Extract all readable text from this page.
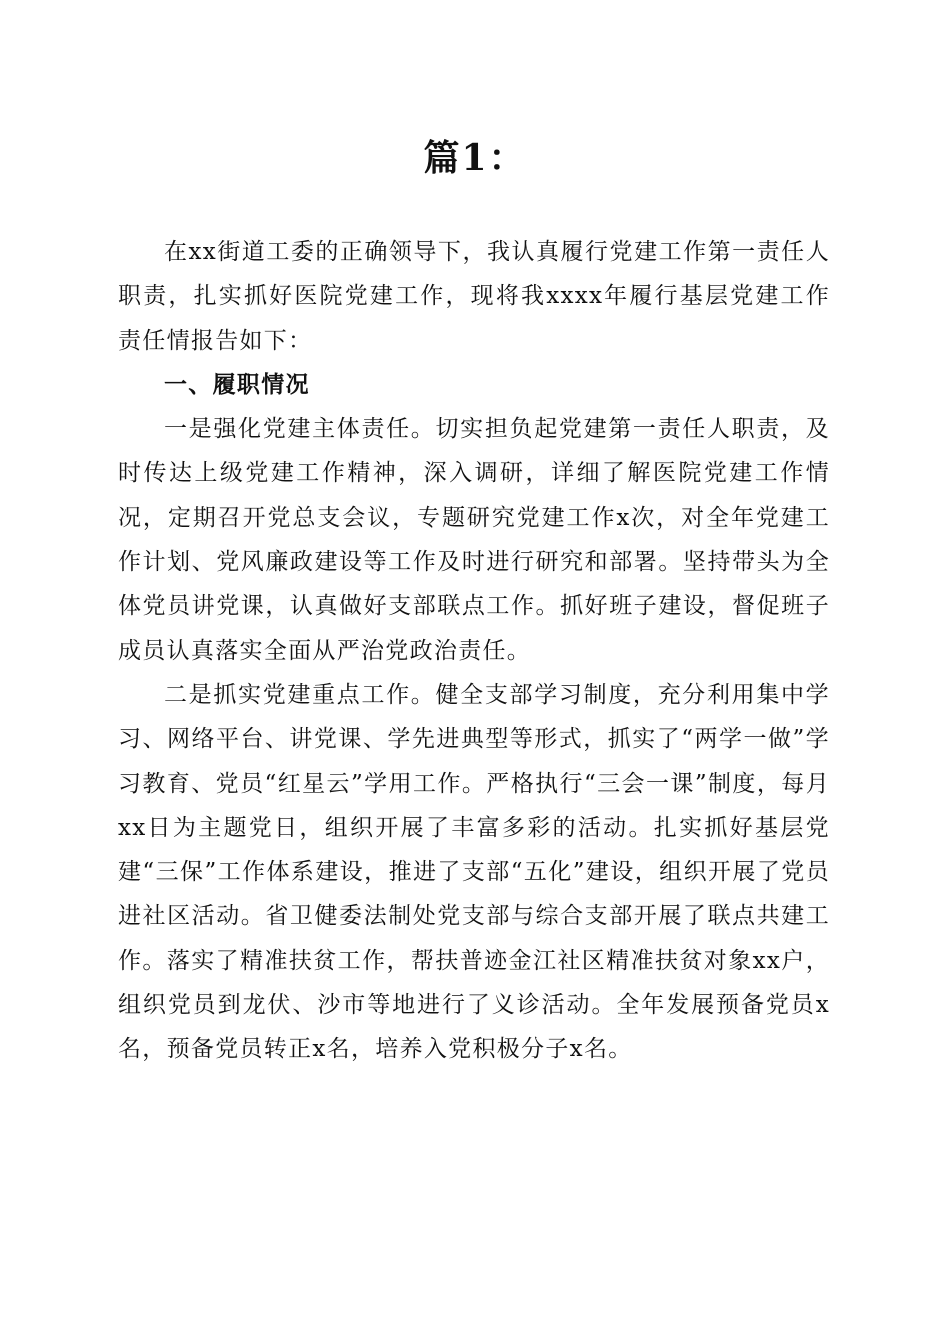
篇1：

在xx街道工委的正确领导下，我认真履行党建工作第一责任人职责，扎实抓好医院党建工作，现将我xxxx年履行基层党建工作责任情报告如下：

一、履职情况

一是强化党建主体责任。切实担负起党建第一责任人职责，及时传达上级党建工作精神，深入调研，详细了解医院党建工作情况，定期召开党总支会议，专题研究党建工作x次，对全年党建工作计划、党风廉政建设等工作及时进行研究和部署。坚持带头为全体党员讲党课，认真做好支部联点工作。抓好班子建设，督促班子成员认真落实全面从严治党政治责任。

二是抓实党建重点工作。健全支部学习制度，充分利用集中学习、网络平台、讲党课、学先进典型等形式，抓实了“两学一做”学习教育、党员“红星云”学用工作。严格执行“三会一课”制度，每月xx日为主题党日，组织开展了丰富多彩的活动。扎实抓好基层党建“三保”工作体系建设，推进了支部“五化”建设，组织开展了党员进社区活动。省卫健委法制处党支部与综合支部开展了联点共建工作。落实了精准扶贫工作，帮扶普迹金江社区精准扶贫对象xx户，组织党员到龙伏、沙市等地进行了义诊活动。全年发展预备党员x名，预备党员转正x名，培养入党积极分子x名。
